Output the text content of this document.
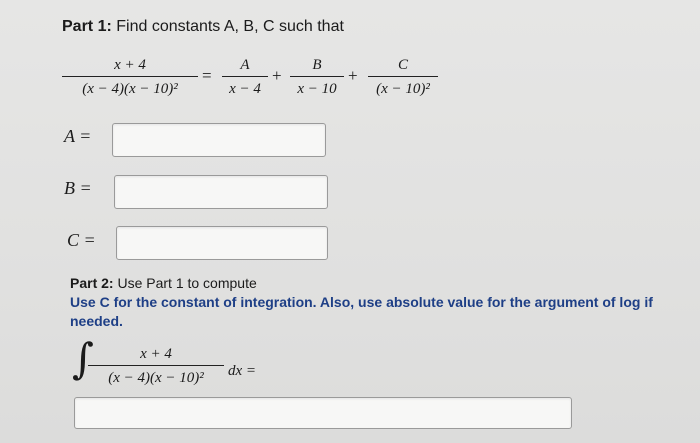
Part 1: Find constants A, B, C such that
x + 4
(x − 4)(x − 10)²
=
A
x − 4
+
B
x − 10
+
C
(x − 10)²
A =
B =
C =
Part 2: Use Part 1 to compute
Use C for the constant of integration. Also, use absolute value for the argument of log if needed.
∫	x + 4
(x − 4)(x − 10)² dx =
